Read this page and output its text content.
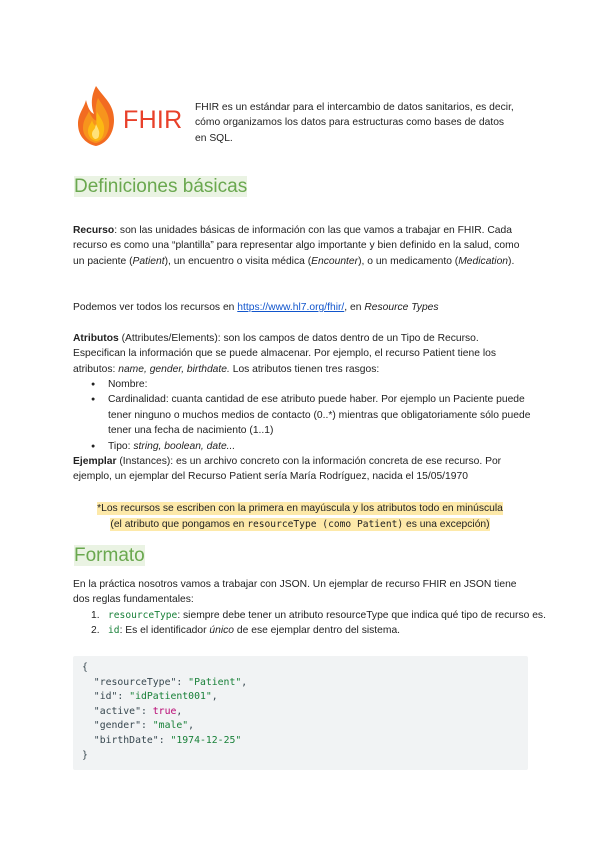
FHIR FHIR es un estándar para el intercambio de datos sanitarios, es decir, cómo organizamos los datos para estructuras como bases de datos en SQL.

Definiciones básicas

Recurso: son las unidades básicas de información con las que vamos a trabajar en FHIR. Cada recurso es como una “plantilla” para representar algo importante y bien definido en la salud, como un paciente (Patient), un encuentro o visita médica (Encounter), o un medicamento (Medication).

Podemos ver todos los recursos en https://www.hl7.org/fhir/, en Resource Types

Atributos (Attributes/Elements): son los campos de datos dentro de un Tipo de Recurso. Especifican la información que se puede almacenar. Por ejemplo, el recurso Patient tiene los atributos: name, gender, birthdate. Los atributos tienen tres rasgos:

● Nombre:
● Cardinalidad: cuanta cantidad de ese atributo puede haber. Por ejemplo un Paciente puede tener ninguno o muchos medios de contacto (0..*) mientras que obligatoriamente sólo puede tener una fecha de nacimiento (1..1)
● Tipo: string, boolean, date...

Ejemplar (Instances): es un archivo concreto con la información concreta de ese recurso. Por ejemplo, un ejemplar del Recurso Patient sería María Rodríguez, nacida el 15/05/1970

*Los recursos se escriben con la primera en mayúscula y los atributos todo en minúscula
(el atributo que pongamos en resourceType (como Patient) es una excepción)
Formato

En la práctica nosotros vamos a trabajar con JSON. Un ejemplar de recurso FHIR en JSON tiene dos reglas fundamentales:

1. resourceType: siempre debe tener un atributo resourceType que indica qué tipo de recurso es.
2. id: Es el identificador único de ese ejemplar dentro del sistema.
{
"resourceType": "Patient",
"id": "idPatient001",
"active": true,
"gender": "male",
"birthDate": "1974-12-25"
}
